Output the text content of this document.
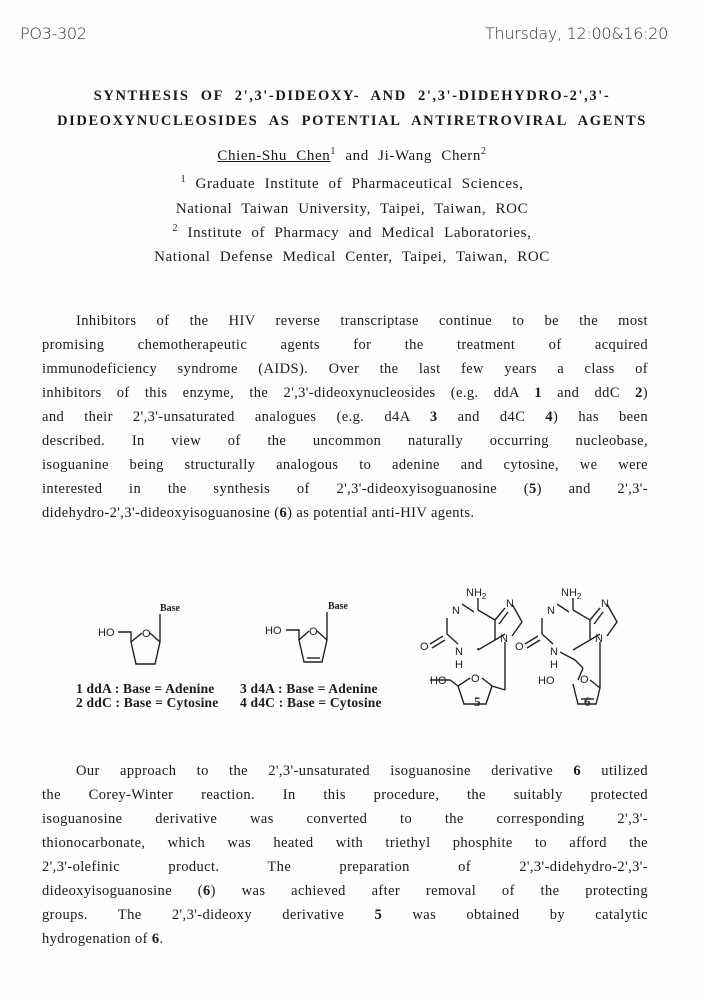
PO3-302	Thursday, 12:00&16:20
SYNTHESIS OF 2',3'-DIDEOXY- AND 2',3'-DIDEHYDRO-2',3'-
DIDEOXYNUCLEOSIDES AS POTENTIAL ANTIRETROVIRAL AGENTS
Chien-Shu Chen$^1$ and Ji-Wang Chern$^2$
$^1$ Graduate Institute of Pharmaceutical Sciences,
National Taiwan University, Taipei, Taiwan, ROC
$^2$ Institute of Pharmacy and Medical Laboratories,
National Defense Medical Center, Taipei, Taiwan, ROC
Inhibitors of the HIV reverse transcriptase continue to be the most
promising chemotherapeutic agents for the treatment of acquired
immunodeficiency syndrome (AIDS). Over the last few years a class of
inhibitors of this enzyme, the 2',3'-dideoxynucleosides (e.g. ddA 1 and ddC 2)
and their 2',3'-unsaturated analogues (e.g. d4A 3 and d4C 4) has been
described. In view of the uncommon naturally occurring nucleobase,
isoguanine being structurally analogous to adenine and cytosine, we were
interested in the synthesis of 2',3'-dideoxyisoguanosine (5) and 2',3'-
didehydro-2',3'-dideoxyisoguanosine (6) as potential anti-HIV agents.
Base
HO	O
Base
HO	O
$NH_2$
N
O N
H
N
N
HO O
5
$NH_2$
N
O N
H
N
N
HO O
6
1 ddA : Base = Adenine
2 ddC : Base = Cytosine
3 d4A : Base = Adenine
4 d4C : Base = Cytosine
Our approach to the 2',3'-unsaturated isoguanosine derivative 6 utilized
the Corey-Winter reaction. In this procedure, the suitably protected
isoguanosine derivative was converted to the corresponding 2',3'-
thionocarbonate, which was heated with triethyl phosphite to afford the
2',3'-olefinic product. The preparation of 2',3'-didehydro-2',3'-
dideoxyisoguanosine (6) was achieved after removal of the protecting
groups. The 2',3'-dideoxy derivative 5 was obtained by catalytic
hydrogenation of 6.
